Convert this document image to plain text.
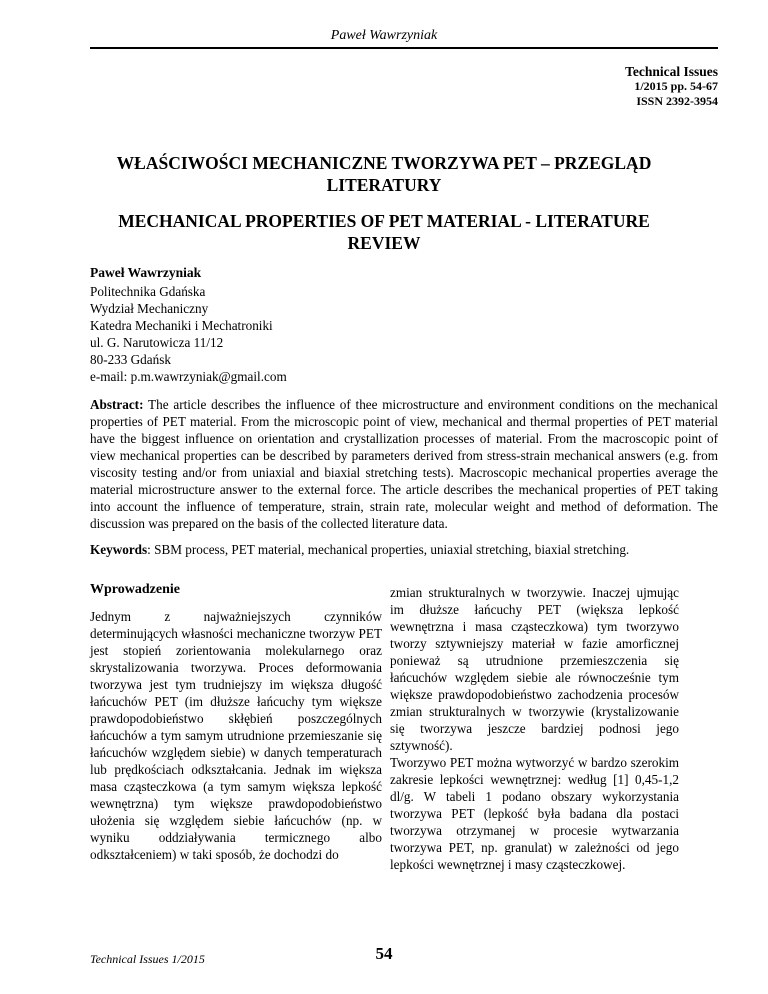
Paweł Wawrzyniak
Technical Issues
1/2015 pp. 54-67
ISSN 2392-3954
WŁAŚCIWOŚCI MECHANICZNE TWORZYWA PET – PRZEGLĄD
LITERATURY
MECHANICAL PROPERTIES OF PET MATERIAL - LITERATURE
REVIEW
Paweł Wawrzyniak
Politechnika Gdańska
Wydział Mechaniczny
Katedra Mechaniki i Mechatroniki
ul. G. Narutowicza 11/12
80-233 Gdańsk
e-mail: p.m.wawrzyniak@gmail.com
Abstract: The article describes the influence of thee microstructure and environment conditions on the mechanical properties of PET material. From the microscopic point of view, mechanical and thermal properties of PET material have the biggest influence on orientation and crystallization processes of material. From the macroscopic point of view mechanical properties can be described by parameters derived from stress-strain mechanical answers (e.g. from viscosity testing and/or from uniaxial and biaxial stretching tests). Macroscopic mechanical properties average the material microstructure answer to the external force. The article describes the mechanical properties of PET taking into account the influence of temperature, strain, strain rate, molecular weight and method of deformation. The discussion was prepared on the basis of the collected literature data.
Keywords: SBM process, PET material, mechanical properties, uniaxial stretching, biaxial stretching.
Wprowadzenie

Jednym z najważniejszych czynników determinujących własności mechaniczne tworzyw PET jest stopień zorientowania molekularnego oraz skrystalizowania tworzywa. Proces deformowania tworzywa jest tym trudniejszy im większa długość łańcuchów PET (im dłuższe łańcuchy tym większe prawdopodobieństwo skłębień poszczególnych łańcuchów a tym samym utrudnione przemieszanie się łańcuchów względem siebie) w danych temperaturach lub prędkościach odkształcania. Jednak im większa masa cząsteczkowa (a tym samym większa lepkość wewnętrzna) tym większe prawdopodobieństwo ułożenia się względem siebie łańcuchów (np. w wyniku oddziaływania termicznego albo odkształceniem) w taki sposób, że dochodzi do

zmian strukturalnych w tworzywie. Inaczej ujmując im dłuższe łańcuchy PET (większa lepkość wewnętrzna i masa cząsteczkowa) tym tworzywo tworzy sztywniejszy materiał w fazie amorficznej ponieważ są utrudnione przemieszczenia się łańcuchów względem siebie ale równocześnie tym większe prawdopodobieństwo zachodzenia procesów zmian strukturalnych w tworzywie (krystalizowanie się tworzywa jeszcze bardziej podnosi jego sztywność).

Tworzywo PET można wytworzyć w bardzo szerokim zakresie lepkości wewnętrznej: według [1] 0,45-1,2 dl/g. W tabeli 1 podano obszary wykorzystania tworzywa PET (lepkość była badana dla postaci tworzywa otrzymanej w procesie wytwarzania tworzywa PET, np. granulat) w zależności od jego lepkości wewnętrznej i masy cząsteczkowej.

Technical Issues 1/2015	54
